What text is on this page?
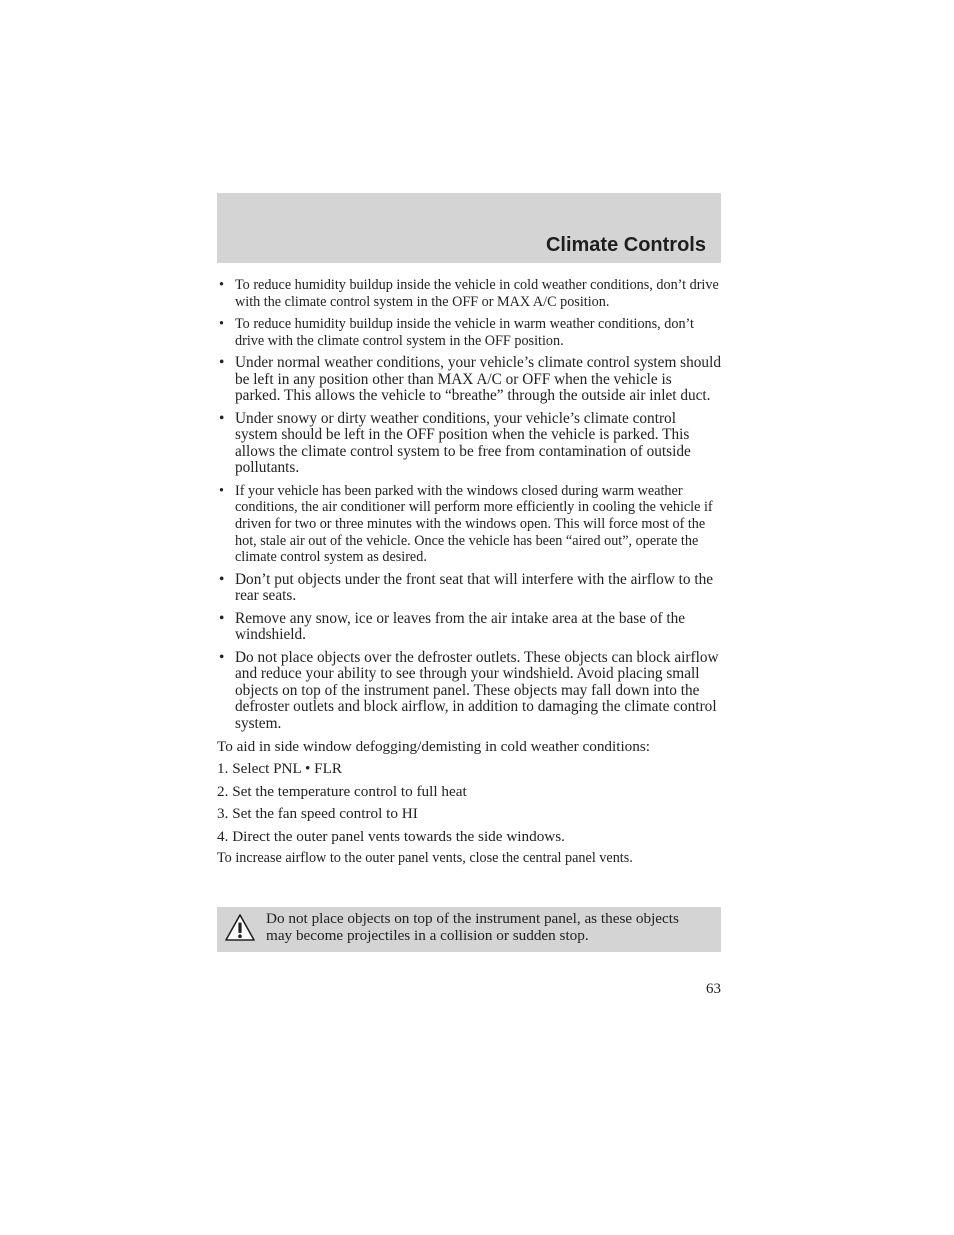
Climate Controls
• To reduce humidity buildup inside the vehicle in cold weather conditions, don’t drive with the climate control system in the OFF or MAX A/C position.
• To reduce humidity buildup inside the vehicle in warm weather conditions, don’t drive with the climate control system in the OFF position.
• Under normal weather conditions, your vehicle’s climate control system should be left in any position other than MAX A/C or OFF when the vehicle is parked. This allows the vehicle to “breathe” through the outside air inlet duct.
• Under snowy or dirty weather conditions, your vehicle’s climate control system should be left in the OFF position when the vehicle is parked. This allows the climate control system to be free from contamination of outside pollutants.
• If your vehicle has been parked with the windows closed during warm weather conditions, the air conditioner will perform more efficiently in cooling the vehicle if driven for two or three minutes with the windows open. This will force most of the hot, stale air out of the vehicle. Once the vehicle has been “aired out”, operate the climate control system as desired.
• Don’t put objects under the front seat that will interfere with the airflow to the rear seats.
• Remove any snow, ice or leaves from the air intake area at the base of the windshield.
• Do not place objects over the defroster outlets. These objects can block airflow and reduce your ability to see through your windshield. Avoid placing small objects on top of the instrument panel. These objects may fall down into the defroster outlets and block airflow, in addition to damaging the climate control system.

To aid in side window defogging/demisting in cold weather conditions:

1. Select PNL • FLR
2. Set the temperature control to full heat
3. Set the fan speed control to HI
4. Direct the outer panel vents towards the side windows.

To increase airflow to the outer panel vents, close the central panel vents.

Do not place objects on top of the instrument panel, as these objects may become projectiles in a collision or sudden stop.
63
